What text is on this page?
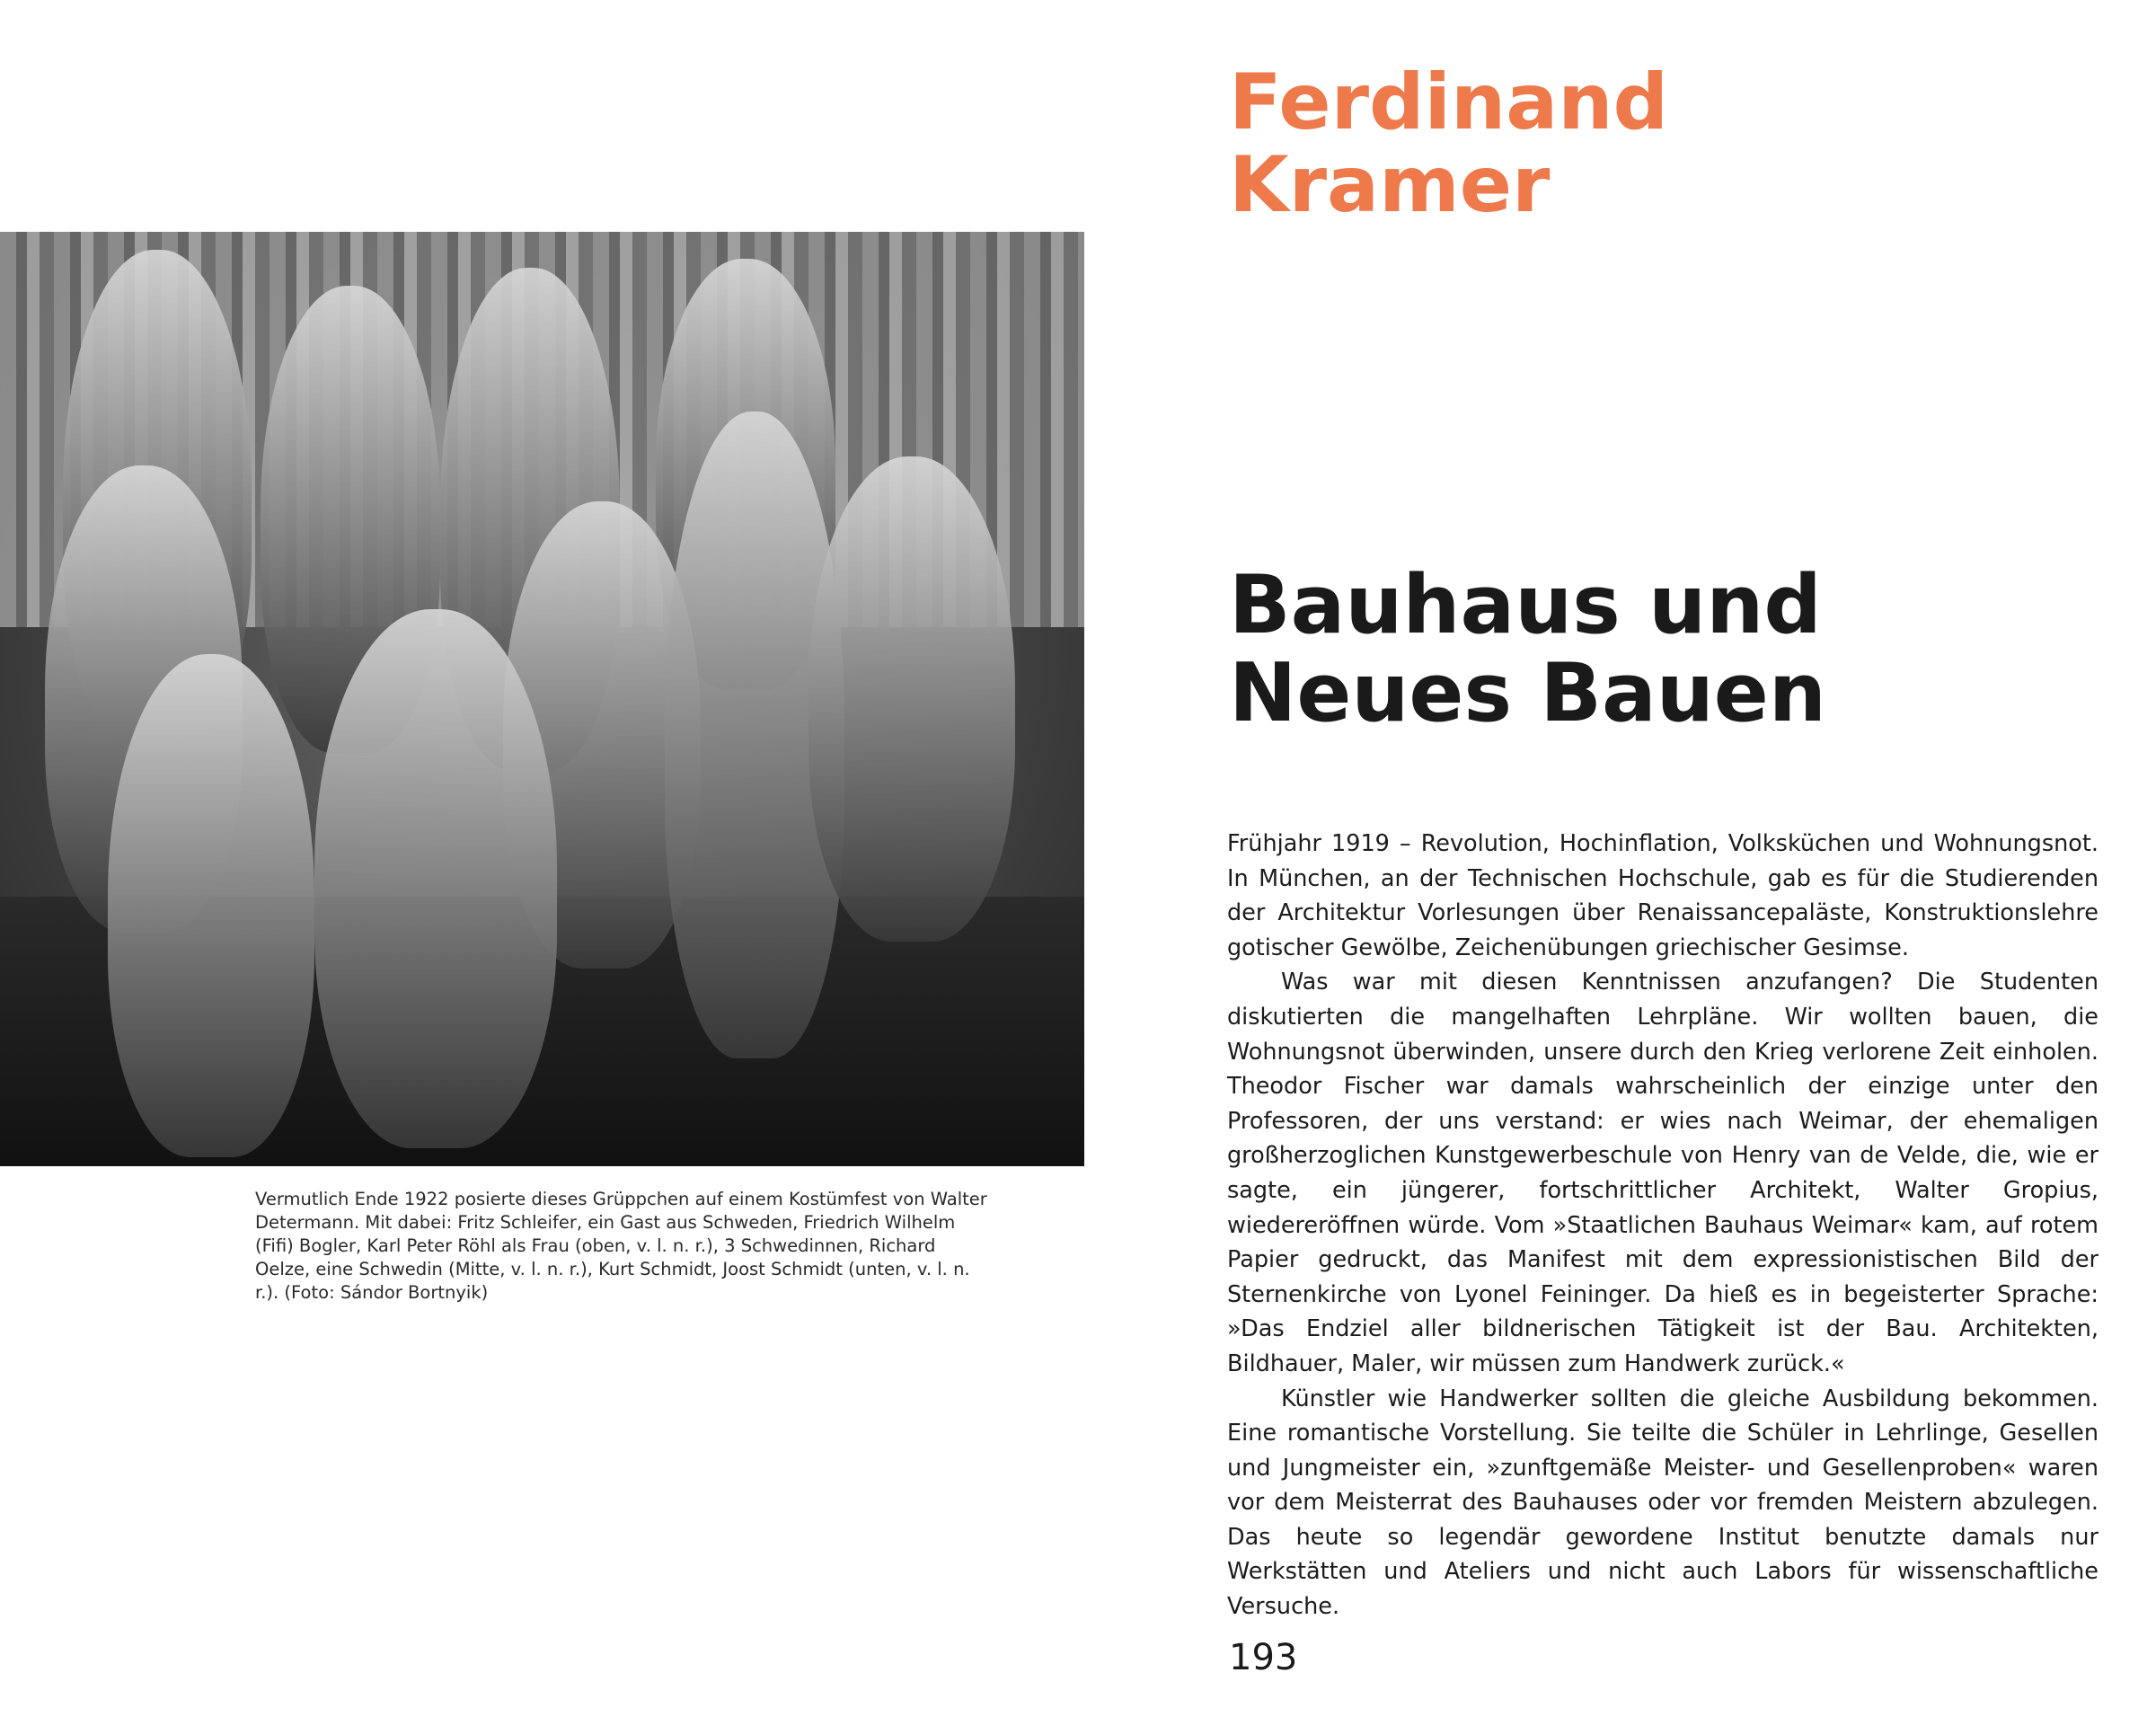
Vermutlich Ende 1922 posierte dieses Grüppchen auf einem Kostümfest von Walter Determann. Mit dabei: Fritz Schleifer, ein Gast aus Schweden, Friedrich Wilhelm (Fifi) Bogler, Karl Peter Röhl als Frau (oben, v. l. n. r.), 3 Schwedinnen, Richard Oelze, eine Schwedin (Mitte, v. l. n. r.), Kurt Schmidt, Joost Schmidt (unten, v. l. n. r.). (Foto: Sándor Bortnyik)

Ferdinand
Kramer
Bauhaus und
Neues Bauen

Frühjahr 1919 – Revolution, Hochinflation, Volksküchen und Wohnungsnot. In München, an der Technischen Hochschule, gab es für die Studierenden der Architektur Vorlesungen über Renaissancepaläste, Konstruktionslehre gotischer Gewölbe, Zeichenübungen griechischer Gesimse.

Was war mit diesen Kenntnissen anzufangen? Die Studenten diskutierten die mangelhaften Lehrpläne. Wir wollten bauen, die Wohnungsnot überwinden, unsere durch den Krieg verlorene Zeit einholen. Theodor Fischer war damals wahrscheinlich der einzige unter den Professoren, der uns verstand: er wies nach Weimar, der ehemaligen großherzoglichen Kunstgewerbeschule von Henry van de Velde, die, wie er sagte, ein jüngerer, fortschrittlicher Architekt, Walter Gropius, wiedereröffnen würde. Vom »Staatlichen Bauhaus Weimar« kam, auf rotem Papier gedruckt, das Manifest mit dem expressionistischen Bild der Sternenkirche von Lyonel Feininger. Da hieß es in begeisterter Sprache: »Das Endziel aller bildnerischen Tätigkeit ist der Bau. Architekten, Bildhauer, Maler, wir müssen zum Handwerk zurück.«

Künstler wie Handwerker sollten die gleiche Ausbildung bekommen. Eine romantische Vorstellung. Sie teilte die Schüler in Lehrlinge, Gesellen und Jungmeister ein, »zunftgemäße Meister- und Gesellenproben« waren vor dem Meisterrat des Bauhauses oder vor fremden Meistern abzulegen. Das heute so legendär gewordene Institut benutzte damals nur Werkstätten und Ateliers und nicht auch Labors für wissenschaftliche Versuche.

193
